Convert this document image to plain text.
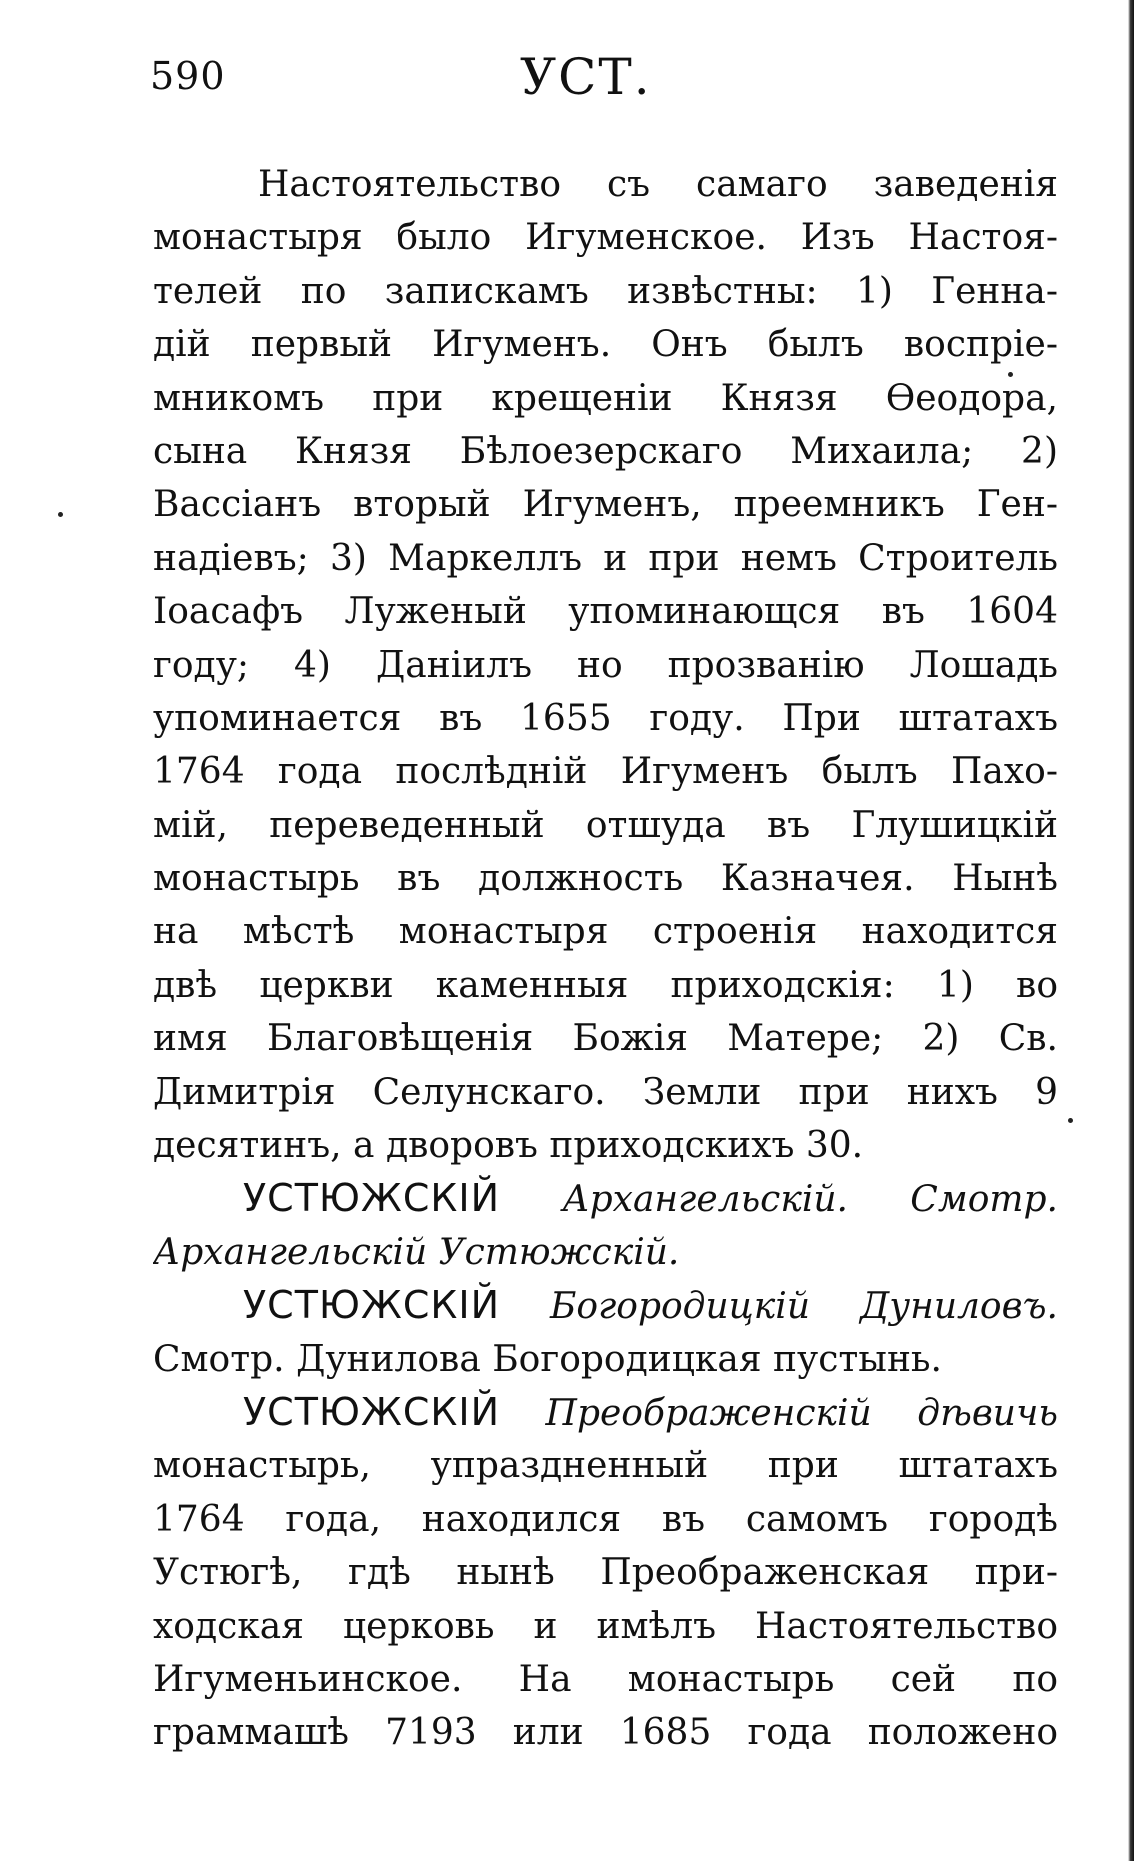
590	УСТ.
Настоятельство съ самаго заведенія
монастыря было Игуменское. Изъ Настоя-
телей по запискамъ извѣстны: 1) Генна-
дій первый Игуменъ. Онъ былъ воспріе-
мникомъ при крещеніи Князя Ѳеодора,
сына Князя Бѣлоезерскаго Михаила; 2)
Вассіанъ вторый Игуменъ, преемникъ Ген-
надіевъ; 3) Маркеллъ и при немъ Строитель
Іоасафъ Луженый упоминающся въ 1604
году; 4) Даніилъ но прозванію Лошадь
упоминается въ 1655 году. При штатахъ
1764 года послѣдній Игуменъ былъ Пахо-
мій, переведенный отшуда въ Глушицкій
монастырь въ должность Казначея. Нынѣ
на мѣстѣ монастыря строенія находится
двѣ церкви каменныя приходскія: 1) во
имя Благовѣщенія Божія Матере; 2) Св.
Димитрія Селунскаго. Земли при нихъ 9
десятинъ, а дворовъ приходскихъ 30.
УСТЮЖСКІЙ Архангельскій. Смотр.
Архангельскій Устюжскій.
УСТЮЖСКІЙ Богородицкій Дуниловъ.
Смотр. Дунилова Богородицкая пустынь.
УСТЮЖСКІЙ Преображенскій дѣвичь
монастырь, упраздненный при штатахъ
1764 года, находился въ самомъ городѣ
Устюгѣ, гдѣ нынѣ Преображенская при-
ходская церковь и имѣлъ Настоятельство
Игуменьинское. На монастырь сей по
граммашѣ 7193 или 1685 года положено
